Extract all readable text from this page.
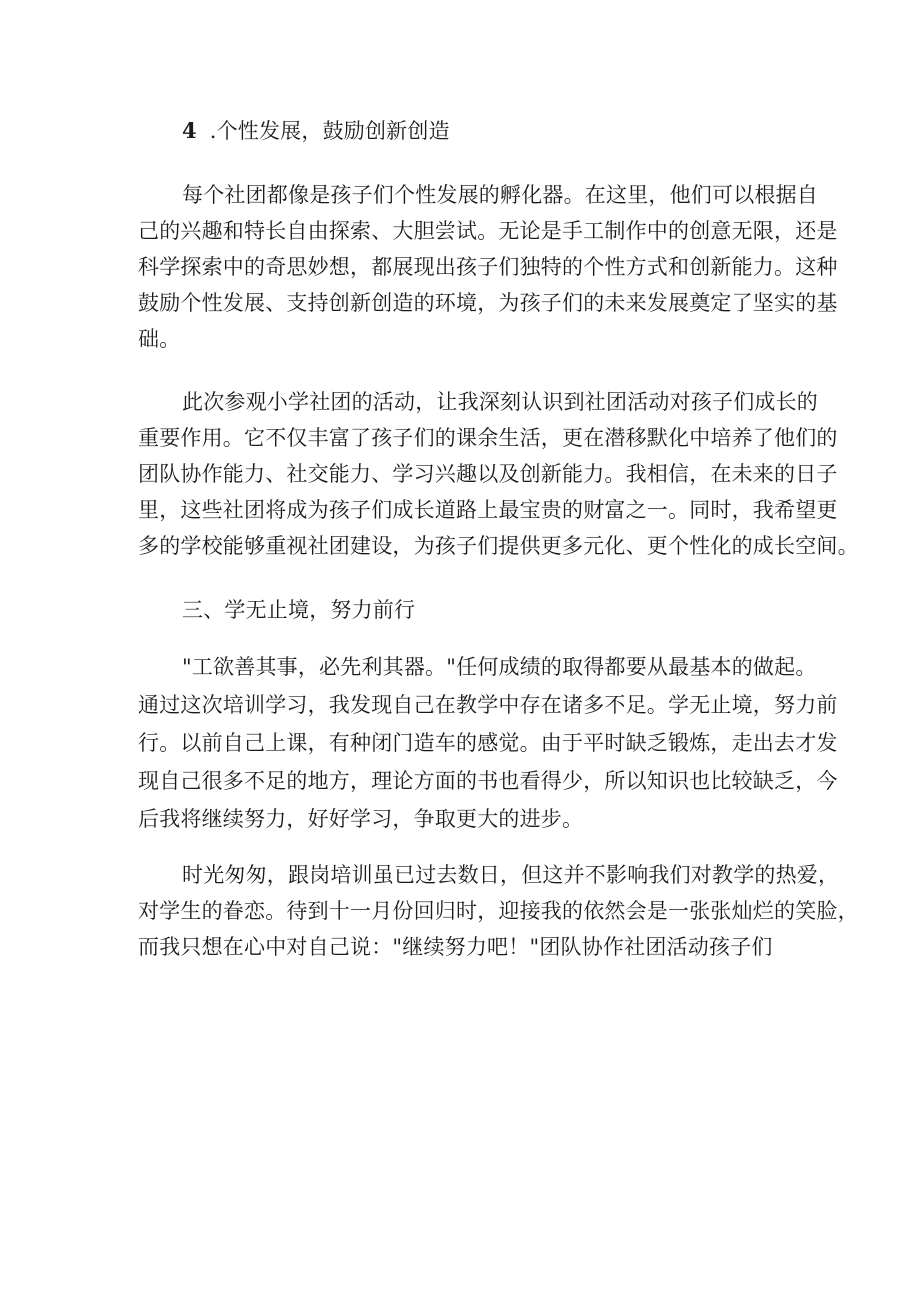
4 .个性发展，鼓励创新创造
每个社团都像是孩子们个性发展的孵化器。在这里，他们可以根据自
己的兴趣和特长自由探索、大胆尝试。无论是手工制作中的创意无限，还是
科学探索中的奇思妙想，都展现出孩子们独特的个性方式和创新能力。这种
鼓励个性发展、支持创新创造的环境，为孩子们的未来发展奠定了坚实的基
础。
此次参观小学社团的活动，让我深刻认识到社团活动对孩子们成长的
重要作用。它不仅丰富了孩子们的课余生活，更在潜移默化中培养了他们的
团队协作能力、社交能力、学习兴趣以及创新能力。我相信，在未来的日子
里，这些社团将成为孩子们成长道路上最宝贵的财富之一。同时，我希望更
多的学校能够重视社团建设，为孩子们提供更多元化、更个性化的成长空间。
三、学无止境，努力前行
"工欲善其事，必先利其器。"任何成绩的取得都要从最基本的做起。
通过这次培训学习，我发现自己在教学中存在诸多不足。学无止境，努力前
行。以前自己上课，有种闭门造车的感觉。由于平时缺乏锻炼，走出去才发
现自己很多不足的地方，理论方面的书也看得少，所以知识也比较缺乏，今
后我将继续努力，好好学习，争取更大的进步。
时光匆匆，跟岗培训虽已过去数日，但这并不影响我们对教学的热爱，
对学生的眷恋。待到十一月份回归时，迎接我的依然会是一张张灿烂的笑脸，
而我只想在心中对自己说："继续努力吧！"团队协作社团活动孩子们
